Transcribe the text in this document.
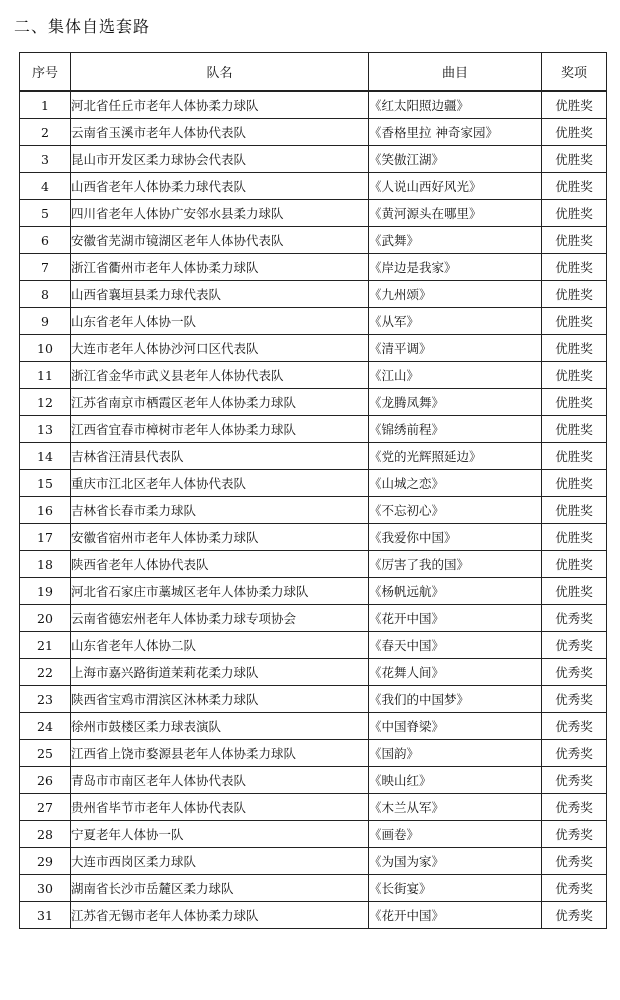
二、集体自选套路
序号	队名	曲目	奖项
1	河北省任丘市老年人体协柔力球队	《红太阳照边疆》	优胜奖
2	云南省玉溪市老年人体协代表队	《香格里拉 神奇家园》	优胜奖
3	昆山市开发区柔力球协会代表队	《笑傲江湖》	优胜奖
4	山西省老年人体协柔力球代表队	《人说山西好风光》	优胜奖
5	四川省老年人体协广安邻水县柔力球队	《黄河源头在哪里》	优胜奖
6	安徽省芜湖市镜湖区老年人体协代表队	《武舞》	优胜奖
7	浙江省衢州市老年人体协柔力球队	《岸边是我家》	优胜奖
8	山西省襄垣县柔力球代表队	《九州颂》	优胜奖
9	山东省老年人体协一队	《从军》	优胜奖
10	大连市老年人体协沙河口区代表队	《清平调》	优胜奖
11	浙江省金华市武义县老年人体协代表队	《江山》	优胜奖
12	江苏省南京市栖霞区老年人体协柔力球队	《龙腾凤舞》	优胜奖
13	江西省宜春市樟树市老年人体协柔力球队	《锦绣前程》	优胜奖
14	吉林省汪清县代表队	《党的光辉照延边》	优胜奖
15	重庆市江北区老年人体协代表队	《山城之恋》	优胜奖
16	吉林省长春市柔力球队	《不忘初心》	优胜奖
17	安徽省宿州市老年人体协柔力球队	《我爱你中国》	优胜奖
18	陕西省老年人体协代表队	《厉害了我的国》	优胜奖
19	河北省石家庄市藁城区老年人体协柔力球队	《杨帆远航》	优胜奖
20	云南省德宏州老年人体协柔力球专项协会	《花开中国》	优秀奖
21	山东省老年人体协二队	《春天中国》	优秀奖
22	上海市嘉兴路街道茉莉花柔力球队	《花舞人间》	优秀奖
23	陕西省宝鸡市渭滨区沐林柔力球队	《我们的中国梦》	优秀奖
24	徐州市鼓楼区柔力球表演队	《中国脊梁》	优秀奖
25	江西省上饶市婺源县老年人体协柔力球队	《国韵》	优秀奖
26	青岛市市南区老年人体协代表队	《映山红》	优秀奖
27	贵州省毕节市老年人体协代表队	《木兰从军》	优秀奖
28	宁夏老年人体协一队	《画卷》	优秀奖
29	大连市西岗区柔力球队	《为国为家》	优秀奖
30	湖南省长沙市岳麓区柔力球队	《长街宴》	优秀奖
31	江苏省无锡市老年人体协柔力球队	《花开中国》	优秀奖
